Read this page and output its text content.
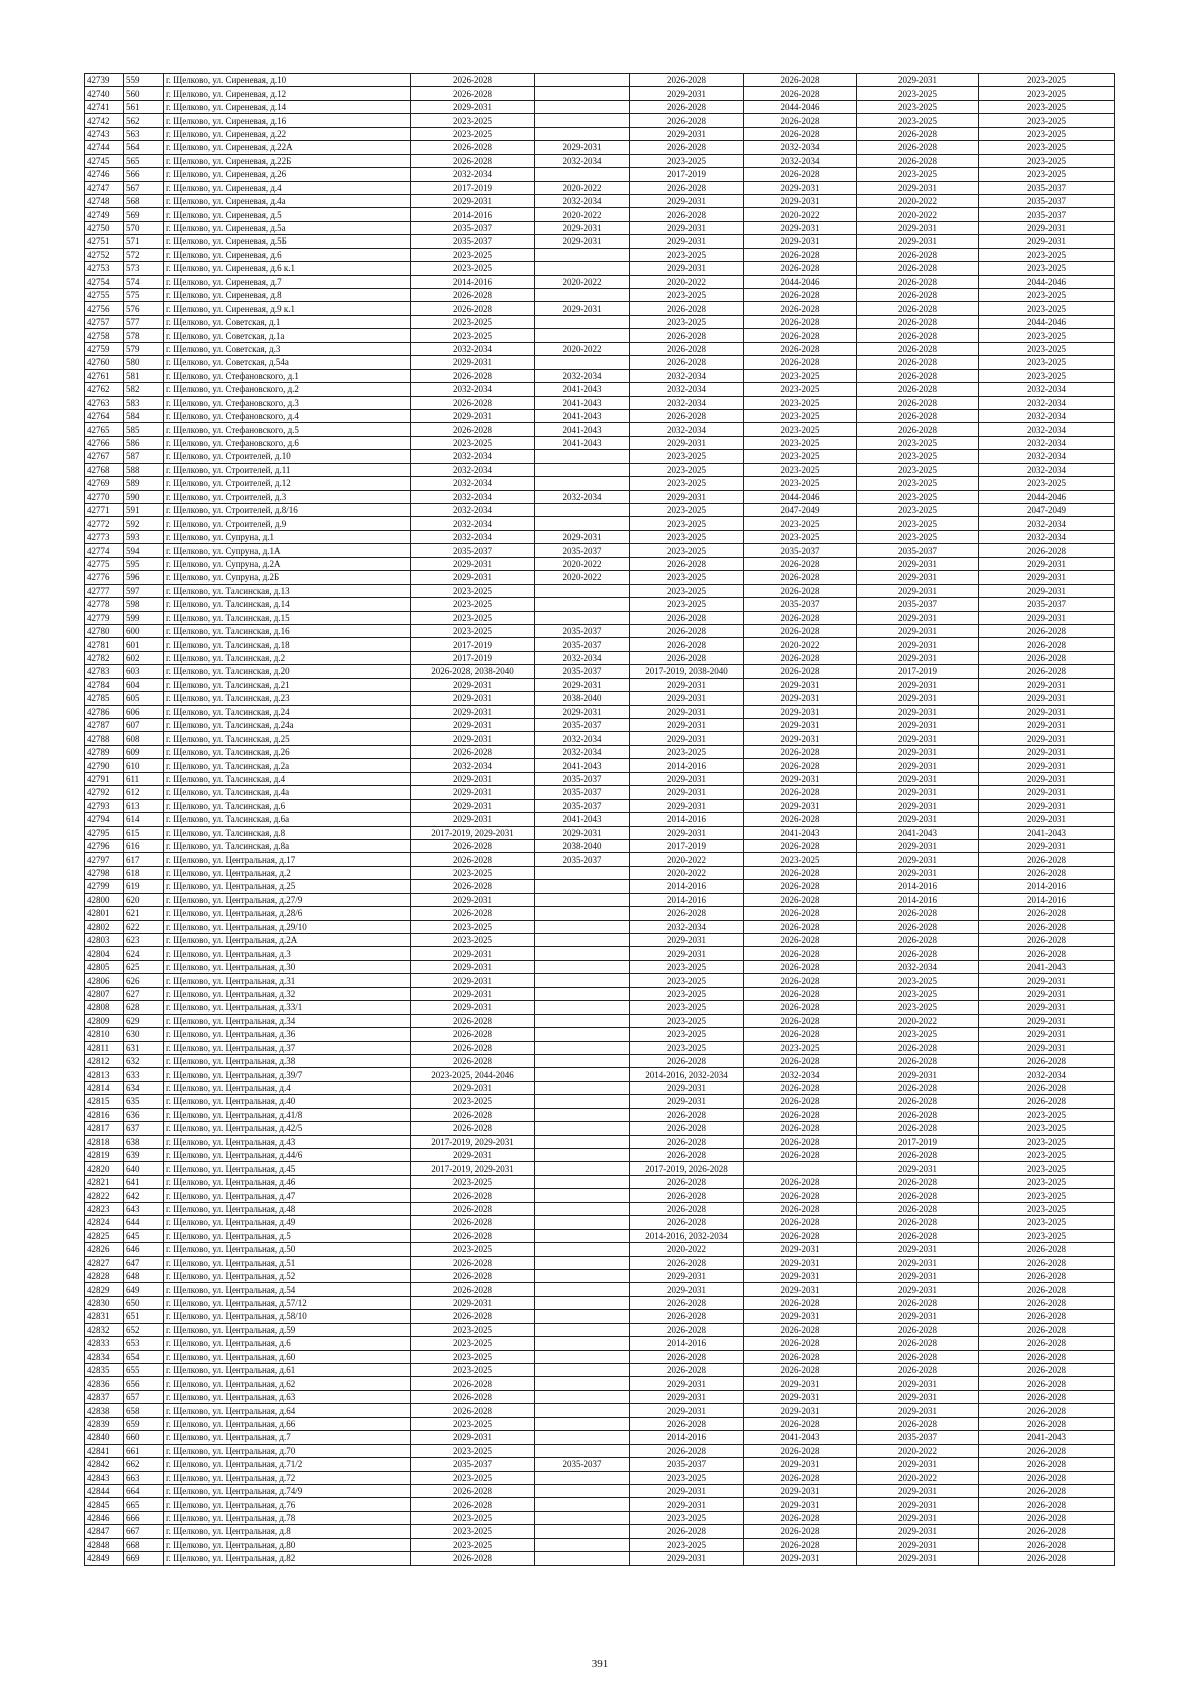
42739	559	г. Щелково, ул. Сиреневая, д.10	2026-2028		2026-2028	2026-2028	2029-2031	2023-2025
42740	560	г. Щелково, ул. Сиреневая, д.12	2026-2028		2029-2031	2026-2028	2023-2025	2023-2025
42741	561	г. Щелково, ул. Сиреневая, д.14	2029-2031		2026-2028	2044-2046	2023-2025	2023-2025
42742	562	г. Щелково, ул. Сиреневая, д.16	2023-2025		2026-2028	2026-2028	2023-2025	2023-2025
42743	563	г. Щелково, ул. Сиреневая, д.22	2023-2025		2029-2031	2026-2028	2026-2028	2023-2025
42744	564	г. Щелково, ул. Сиреневая, д.22А	2026-2028	2029-2031	2026-2028	2032-2034	2026-2028	2023-2025
42745	565	г. Щелково, ул. Сиреневая, д.22Б	2026-2028	2032-2034	2023-2025	2032-2034	2026-2028	2023-2025
42746	566	г. Щелково, ул. Сиреневая, д.26	2032-2034		2017-2019	2026-2028	2023-2025	2023-2025
42747	567	г. Щелково, ул. Сиреневая, д.4	2017-2019	2020-2022	2026-2028	2029-2031	2029-2031	2035-2037
42748	568	г. Щелково, ул. Сиреневая, д.4а	2029-2031	2032-2034	2029-2031	2029-2031	2020-2022	2035-2037
42749	569	г. Щелково, ул. Сиреневая, д.5	2014-2016	2020-2022	2026-2028	2020-2022	2020-2022	2035-2037
42750	570	г. Щелково, ул. Сиреневая, д.5а	2035-2037	2029-2031	2029-2031	2029-2031	2029-2031	2029-2031
42751	571	г. Щелково, ул. Сиреневая, д.5Б	2035-2037	2029-2031	2029-2031	2029-2031	2029-2031	2029-2031
42752	572	г. Щелково, ул. Сиреневая, д.6	2023-2025		2023-2025	2026-2028	2026-2028	2023-2025
42753	573	г. Щелково, ул. Сиреневая, д.6 к.1	2023-2025		2029-2031	2026-2028	2026-2028	2023-2025
42754	574	г. Щелково, ул. Сиреневая, д.7	2014-2016	2020-2022	2020-2022	2044-2046	2026-2028	2044-2046
42755	575	г. Щелково, ул. Сиреневая, д.8	2026-2028		2023-2025	2026-2028	2026-2028	2023-2025
42756	576	г. Щелково, ул. Сиреневая, д.9 к.1	2026-2028	2029-2031	2026-2028	2026-2028	2026-2028	2023-2025
42757	577	г. Щелково, ул. Советская, д.1	2023-2025		2023-2025	2026-2028	2026-2028	2044-2046
42758	578	г. Щелково, ул. Советская, д.1а	2023-2025		2026-2028	2026-2028	2026-2028	2023-2025
42759	579	г. Щелково, ул. Советская, д.3	2032-2034	2020-2022	2026-2028	2026-2028	2026-2028	2023-2025
42760	580	г. Щелково, ул. Советская, д.54а	2029-2031		2026-2028	2026-2028	2026-2028	2023-2025
42761	581	г. Щелково, ул. Стефановского, д.1	2026-2028	2032-2034	2032-2034	2023-2025	2026-2028	2023-2025
42762	582	г. Щелково, ул. Стефановского, д.2	2032-2034	2041-2043	2032-2034	2023-2025	2026-2028	2032-2034
42763	583	г. Щелково, ул. Стефановского, д.3	2026-2028	2041-2043	2032-2034	2023-2025	2026-2028	2032-2034
42764	584	г. Щелково, ул. Стефановского, д.4	2029-2031	2041-2043	2026-2028	2023-2025	2026-2028	2032-2034
42765	585	г. Щелково, ул. Стефановского, д.5	2026-2028	2041-2043	2032-2034	2023-2025	2026-2028	2032-2034
42766	586	г. Щелково, ул. Стефановского, д.6	2023-2025	2041-2043	2029-2031	2023-2025	2023-2025	2032-2034
42767	587	г. Щелково, ул. Строителей, д.10	2032-2034		2023-2025	2023-2025	2023-2025	2032-2034
42768	588	г. Щелково, ул. Строителей, д.11	2032-2034		2023-2025	2023-2025	2023-2025	2032-2034
42769	589	г. Щелково, ул. Строителей, д.12	2032-2034		2023-2025	2023-2025	2023-2025	2023-2025
42770	590	г. Щелково, ул. Строителей, д.3	2032-2034	2032-2034	2029-2031	2044-2046	2023-2025	2044-2046
42771	591	г. Щелково, ул. Строителей, д.8/16	2032-2034		2023-2025	2047-2049	2023-2025	2047-2049
42772	592	г. Щелково, ул. Строителей, д.9	2032-2034		2023-2025	2023-2025	2023-2025	2032-2034
42773	593	г. Щелково, ул. Супруна, д.1	2032-2034	2029-2031	2023-2025	2023-2025	2023-2025	2032-2034
42774	594	г. Щелково, ул. Супруна, д.1А	2035-2037	2035-2037	2023-2025	2035-2037	2035-2037	2026-2028
42775	595	г. Щелково, ул. Супруна, д.2А	2029-2031	2020-2022	2026-2028	2026-2028	2029-2031	2029-2031
42776	596	г. Щелково, ул. Супруна, д.2Б	2029-2031	2020-2022	2023-2025	2026-2028	2029-2031	2029-2031
42777	597	г. Щелково, ул. Талсинская, д.13	2023-2025		2023-2025	2026-2028	2029-2031	2029-2031
42778	598	г. Щелково, ул. Талсинская, д.14	2023-2025		2023-2025	2035-2037	2035-2037	2035-2037
42779	599	г. Щелково, ул. Талсинская, д.15	2023-2025		2026-2028	2026-2028	2029-2031	2029-2031
42780	600	г. Щелково, ул. Талсинская, д.16	2023-2025	2035-2037	2026-2028	2026-2028	2029-2031	2026-2028
42781	601	г. Щелково, ул. Талсинская, д.18	2017-2019	2035-2037	2026-2028	2020-2022	2029-2031	2026-2028
42782	602	г. Щелково, ул. Талсинская, д.2	2017-2019	2032-2034	2026-2028	2026-2028	2029-2031	2026-2028
42783	603	г. Щелково, ул. Талсинская, д.20	2026-2028, 2038-2040	2035-2037	2017-2019, 2038-2040	2026-2028	2017-2019	2026-2028
42784	604	г. Щелково, ул. Талсинская, д.21	2029-2031	2029-2031	2029-2031	2029-2031	2029-2031	2029-2031
42785	605	г. Щелково, ул. Талсинская, д.23	2029-2031	2038-2040	2029-2031	2029-2031	2029-2031	2029-2031
42786	606	г. Щелково, ул. Талсинская, д.24	2029-2031	2029-2031	2029-2031	2029-2031	2029-2031	2029-2031
42787	607	г. Щелково, ул. Талсинская, д.24а	2029-2031	2035-2037	2029-2031	2029-2031	2029-2031	2029-2031
42788	608	г. Щелково, ул. Талсинская, д.25	2029-2031	2032-2034	2029-2031	2029-2031	2029-2031	2029-2031
42789	609	г. Щелково, ул. Талсинская, д.26	2026-2028	2032-2034	2023-2025	2026-2028	2029-2031	2029-2031
42790	610	г. Щелково, ул. Талсинская, д.2а	2032-2034	2041-2043	2014-2016	2026-2028	2029-2031	2029-2031
42791	611	г. Щелково, ул. Талсинская, д.4	2029-2031	2035-2037	2029-2031	2029-2031	2029-2031	2029-2031
42792	612	г. Щелково, ул. Талсинская, д.4а	2029-2031	2035-2037	2029-2031	2026-2028	2029-2031	2029-2031
42793	613	г. Щелково, ул. Талсинская, д.6	2029-2031	2035-2037	2029-2031	2029-2031	2029-2031	2029-2031
42794	614	г. Щелково, ул. Талсинская, д.6а	2029-2031	2041-2043	2014-2016	2026-2028	2029-2031	2029-2031
42795	615	г. Щелково, ул. Талсинская, д.8	2017-2019, 2029-2031	2029-2031	2029-2031	2041-2043	2041-2043	2041-2043
42796	616	г. Щелково, ул. Талсинская, д.8а	2026-2028	2038-2040	2017-2019	2026-2028	2029-2031	2029-2031
42797	617	г. Щелково, ул. Центральная, д.17	2026-2028	2035-2037	2020-2022	2023-2025	2029-2031	2026-2028
42798	618	г. Щелково, ул. Центральная, д.2	2023-2025		2020-2022	2026-2028	2029-2031	2026-2028
42799	619	г. Щелково, ул. Центральная, д.25	2026-2028		2014-2016	2026-2028	2014-2016	2014-2016
42800	620	г. Щелково, ул. Центральная, д.27/9	2029-2031		2014-2016	2026-2028	2014-2016	2014-2016
42801	621	г. Щелково, ул. Центральная, д.28/6	2026-2028		2026-2028	2026-2028	2026-2028	2026-2028
42802	622	г. Щелково, ул. Центральная, д.29/10	2023-2025		2032-2034	2026-2028	2026-2028	2026-2028
42803	623	г. Щелково, ул. Центральная, д.2А	2023-2025		2029-2031	2026-2028	2026-2028	2026-2028
42804	624	г. Щелково, ул. Центральная, д.3	2029-2031		2029-2031	2026-2028	2026-2028	2026-2028
42805	625	г. Щелково, ул. Центральная, д.30	2029-2031		2023-2025	2026-2028	2032-2034	2041-2043
42806	626	г. Щелково, ул. Центральная, д.31	2029-2031		2023-2025	2026-2028	2023-2025	2029-2031
42807	627	г. Щелково, ул. Центральная, д.32	2029-2031		2023-2025	2026-2028	2023-2025	2029-2031
42808	628	г. Щелково, ул. Центральная, д.33/1	2029-2031		2023-2025	2026-2028	2023-2025	2029-2031
42809	629	г. Щелково, ул. Центральная, д.34	2026-2028		2023-2025	2026-2028	2020-2022	2029-2031
42810	630	г. Щелково, ул. Центральная, д.36	2026-2028		2023-2025	2026-2028	2023-2025	2029-2031
42811	631	г. Щелково, ул. Центральная, д.37	2026-2028		2023-2025	2023-2025	2026-2028	2029-2031
42812	632	г. Щелково, ул. Центральная, д.38	2026-2028		2026-2028	2026-2028	2026-2028	2026-2028
42813	633	г. Щелково, ул. Центральная, д.39/7	2023-2025, 2044-2046		2014-2016, 2032-2034	2032-2034	2029-2031	2032-2034
42814	634	г. Щелково, ул. Центральная, д.4	2029-2031		2029-2031	2026-2028	2026-2028	2026-2028
42815	635	г. Щелково, ул. Центральная, д.40	2023-2025		2029-2031	2026-2028	2026-2028	2026-2028
42816	636	г. Щелково, ул. Центральная, д.41/8	2026-2028		2026-2028	2026-2028	2026-2028	2023-2025
42817	637	г. Щелково, ул. Центральная, д.42/5	2026-2028		2026-2028	2026-2028	2026-2028	2023-2025
42818	638	г. Щелково, ул. Центральная, д.43	2017-2019, 2029-2031		2026-2028	2026-2028	2017-2019	2023-2025
42819	639	г. Щелково, ул. Центральная, д.44/6	2029-2031		2026-2028	2026-2028	2026-2028	2023-2025
42820	640	г. Щелково, ул. Центральная, д.45	2017-2019, 2029-2031		2017-2019, 2026-2028		2029-2031	2023-2025
42821	641	г. Щелково, ул. Центральная, д.46	2023-2025		2026-2028	2026-2028	2026-2028	2023-2025
42822	642	г. Щелково, ул. Центральная, д.47	2026-2028		2026-2028	2026-2028	2026-2028	2023-2025
42823	643	г. Щелково, ул. Центральная, д.48	2026-2028		2026-2028	2026-2028	2026-2028	2023-2025
42824	644	г. Щелково, ул. Центральная, д.49	2026-2028		2026-2028	2026-2028	2026-2028	2023-2025
42825	645	г. Щелково, ул. Центральная, д.5	2026-2028		2014-2016, 2032-2034	2026-2028	2026-2028	2023-2025
42826	646	г. Щелково, ул. Центральная, д.50	2023-2025		2020-2022	2029-2031	2029-2031	2026-2028
42827	647	г. Щелково, ул. Центральная, д.51	2026-2028		2026-2028	2029-2031	2029-2031	2026-2028
42828	648	г. Щелково, ул. Центральная, д.52	2026-2028		2029-2031	2029-2031	2029-2031	2026-2028
42829	649	г. Щелково, ул. Центральная, д.54	2026-2028		2029-2031	2029-2031	2029-2031	2026-2028
42830	650	г. Щелково, ул. Центральная, д.57/12	2029-2031		2026-2028	2026-2028	2026-2028	2026-2028
42831	651	г. Щелково, ул. Центральная, д.58/10	2026-2028		2026-2028	2029-2031	2029-2031	2026-2028
42832	652	г. Щелково, ул. Центральная, д.59	2023-2025		2026-2028	2026-2028	2026-2028	2026-2028
42833	653	г. Щелково, ул. Центральная, д.6	2023-2025		2014-2016	2026-2028	2026-2028	2026-2028
42834	654	г. Щелково, ул. Центральная, д.60	2023-2025		2026-2028	2026-2028	2026-2028	2026-2028
42835	655	г. Щелково, ул. Центральная, д.61	2023-2025		2026-2028	2026-2028	2026-2028	2026-2028
42836	656	г. Щелково, ул. Центральная, д.62	2026-2028		2029-2031	2029-2031	2029-2031	2026-2028
42837	657	г. Щелково, ул. Центральная, д.63	2026-2028		2029-2031	2029-2031	2029-2031	2026-2028
42838	658	г. Щелково, ул. Центральная, д.64	2026-2028		2029-2031	2029-2031	2029-2031	2026-2028
42839	659	г. Щелково, ул. Центральная, д.66	2023-2025		2026-2028	2026-2028	2026-2028	2026-2028
42840	660	г. Щелково, ул. Центральная, д.7	2029-2031		2014-2016	2041-2043	2035-2037	2041-2043
42841	661	г. Щелково, ул. Центральная, д.70	2023-2025		2026-2028	2026-2028	2020-2022	2026-2028
42842	662	г. Щелково, ул. Центральная, д.71/2	2035-2037	2035-2037	2035-2037	2029-2031	2029-2031	2026-2028
42843	663	г. Щелково, ул. Центральная, д.72	2023-2025		2023-2025	2026-2028	2020-2022	2026-2028
42844	664	г. Щелково, ул. Центральная, д.74/9	2026-2028		2029-2031	2029-2031	2029-2031	2026-2028
42845	665	г. Щелково, ул. Центральная, д.76	2026-2028		2029-2031	2029-2031	2029-2031	2026-2028
42846	666	г. Щелково, ул. Центральная, д.78	2023-2025		2023-2025	2026-2028	2029-2031	2026-2028
42847	667	г. Щелково, ул. Центральная, д.8	2023-2025		2026-2028	2026-2028	2029-2031	2026-2028
42848	668	г. Щелково, ул. Центральная, д.80	2023-2025		2023-2025	2026-2028	2029-2031	2026-2028
42849	669	г. Щелково, ул. Центральная, д.82	2026-2028		2029-2031	2029-2031	2029-2031	2026-2028
391
